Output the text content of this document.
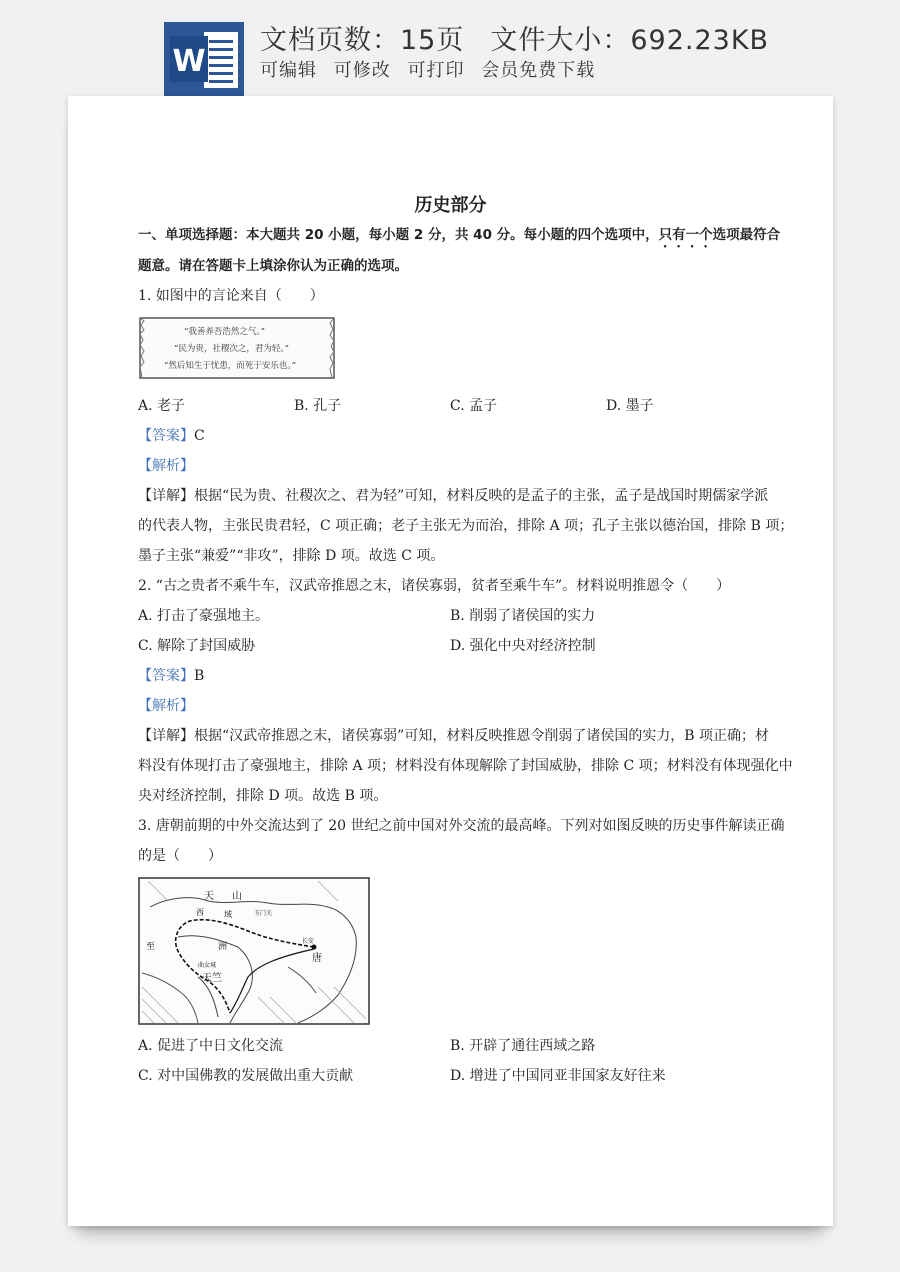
W
文档页数：15页 文件大小：692.23KB
可编辑 可修改 可打印 会员免费下载

历史部分

一、单项选择题：本大题共 20 小题，每小题 2 分，共 40 分。每小题的四个选项中，只有一个选项最符合

题意。请在答题卡上填涂你认为正确的选项。

1. 如图中的言论来自（　　）

“我善养吾浩然之气。”
“民为贵，社稷次之，君为轻。”
“然后知生于忧患，而死于安乐也。”
A. 老子	B. 孔子	C. 孟子	D. 墨子

【答案】C

【解析】

【详解】根据“民为贵、社稷次之、君为轻”可知，材料反映的是孟子的主张，孟子是战国时期儒家学派

的代表人物，主张民贵君轻，C 项正确；老子主张无为而治，排除 A 项；孔子主张以德治国，排除 B 项；

墨子主张“兼爱”“非攻”，排除 D 项。故选 C 项。

2. “古之贵者不乘牛车，汉武帝推恩之末，诸侯寡弱，贫者至乘牛车”。材料说明推恩令（　　）

A. 打击了豪强地主。	B. 削弱了诸侯国的实力
C. 解除了封国威胁	D. 强化中央对经济控制

【答案】B

【解析】

【详解】根据“汉武帝推恩之末，诸侯寡弱”可知，材料反映推恩令削弱了诸侯国的实力，B 项正确；材

料没有体现打击了豪强地主，排除 A 项；材料没有体现解除了封国威胁，排除 C 项；材料没有体现强化中

央对经济控制，排除 D 项。故选 B 项。

3. 唐朝前期的中外交流达到了 20 世纪之前中国对外交流的最高峰。下列对如图反映的历史事件解读正确

的是（　　）

天 山
西	域	玉门关
长安
唐
洲
天竺
至
曲女城
A. 促进了中日文化交流	B. 开辟了通往西域之路
C. 对中国佛教的发展做出重大贡献	D. 增进了中国同亚非国家友好往来
